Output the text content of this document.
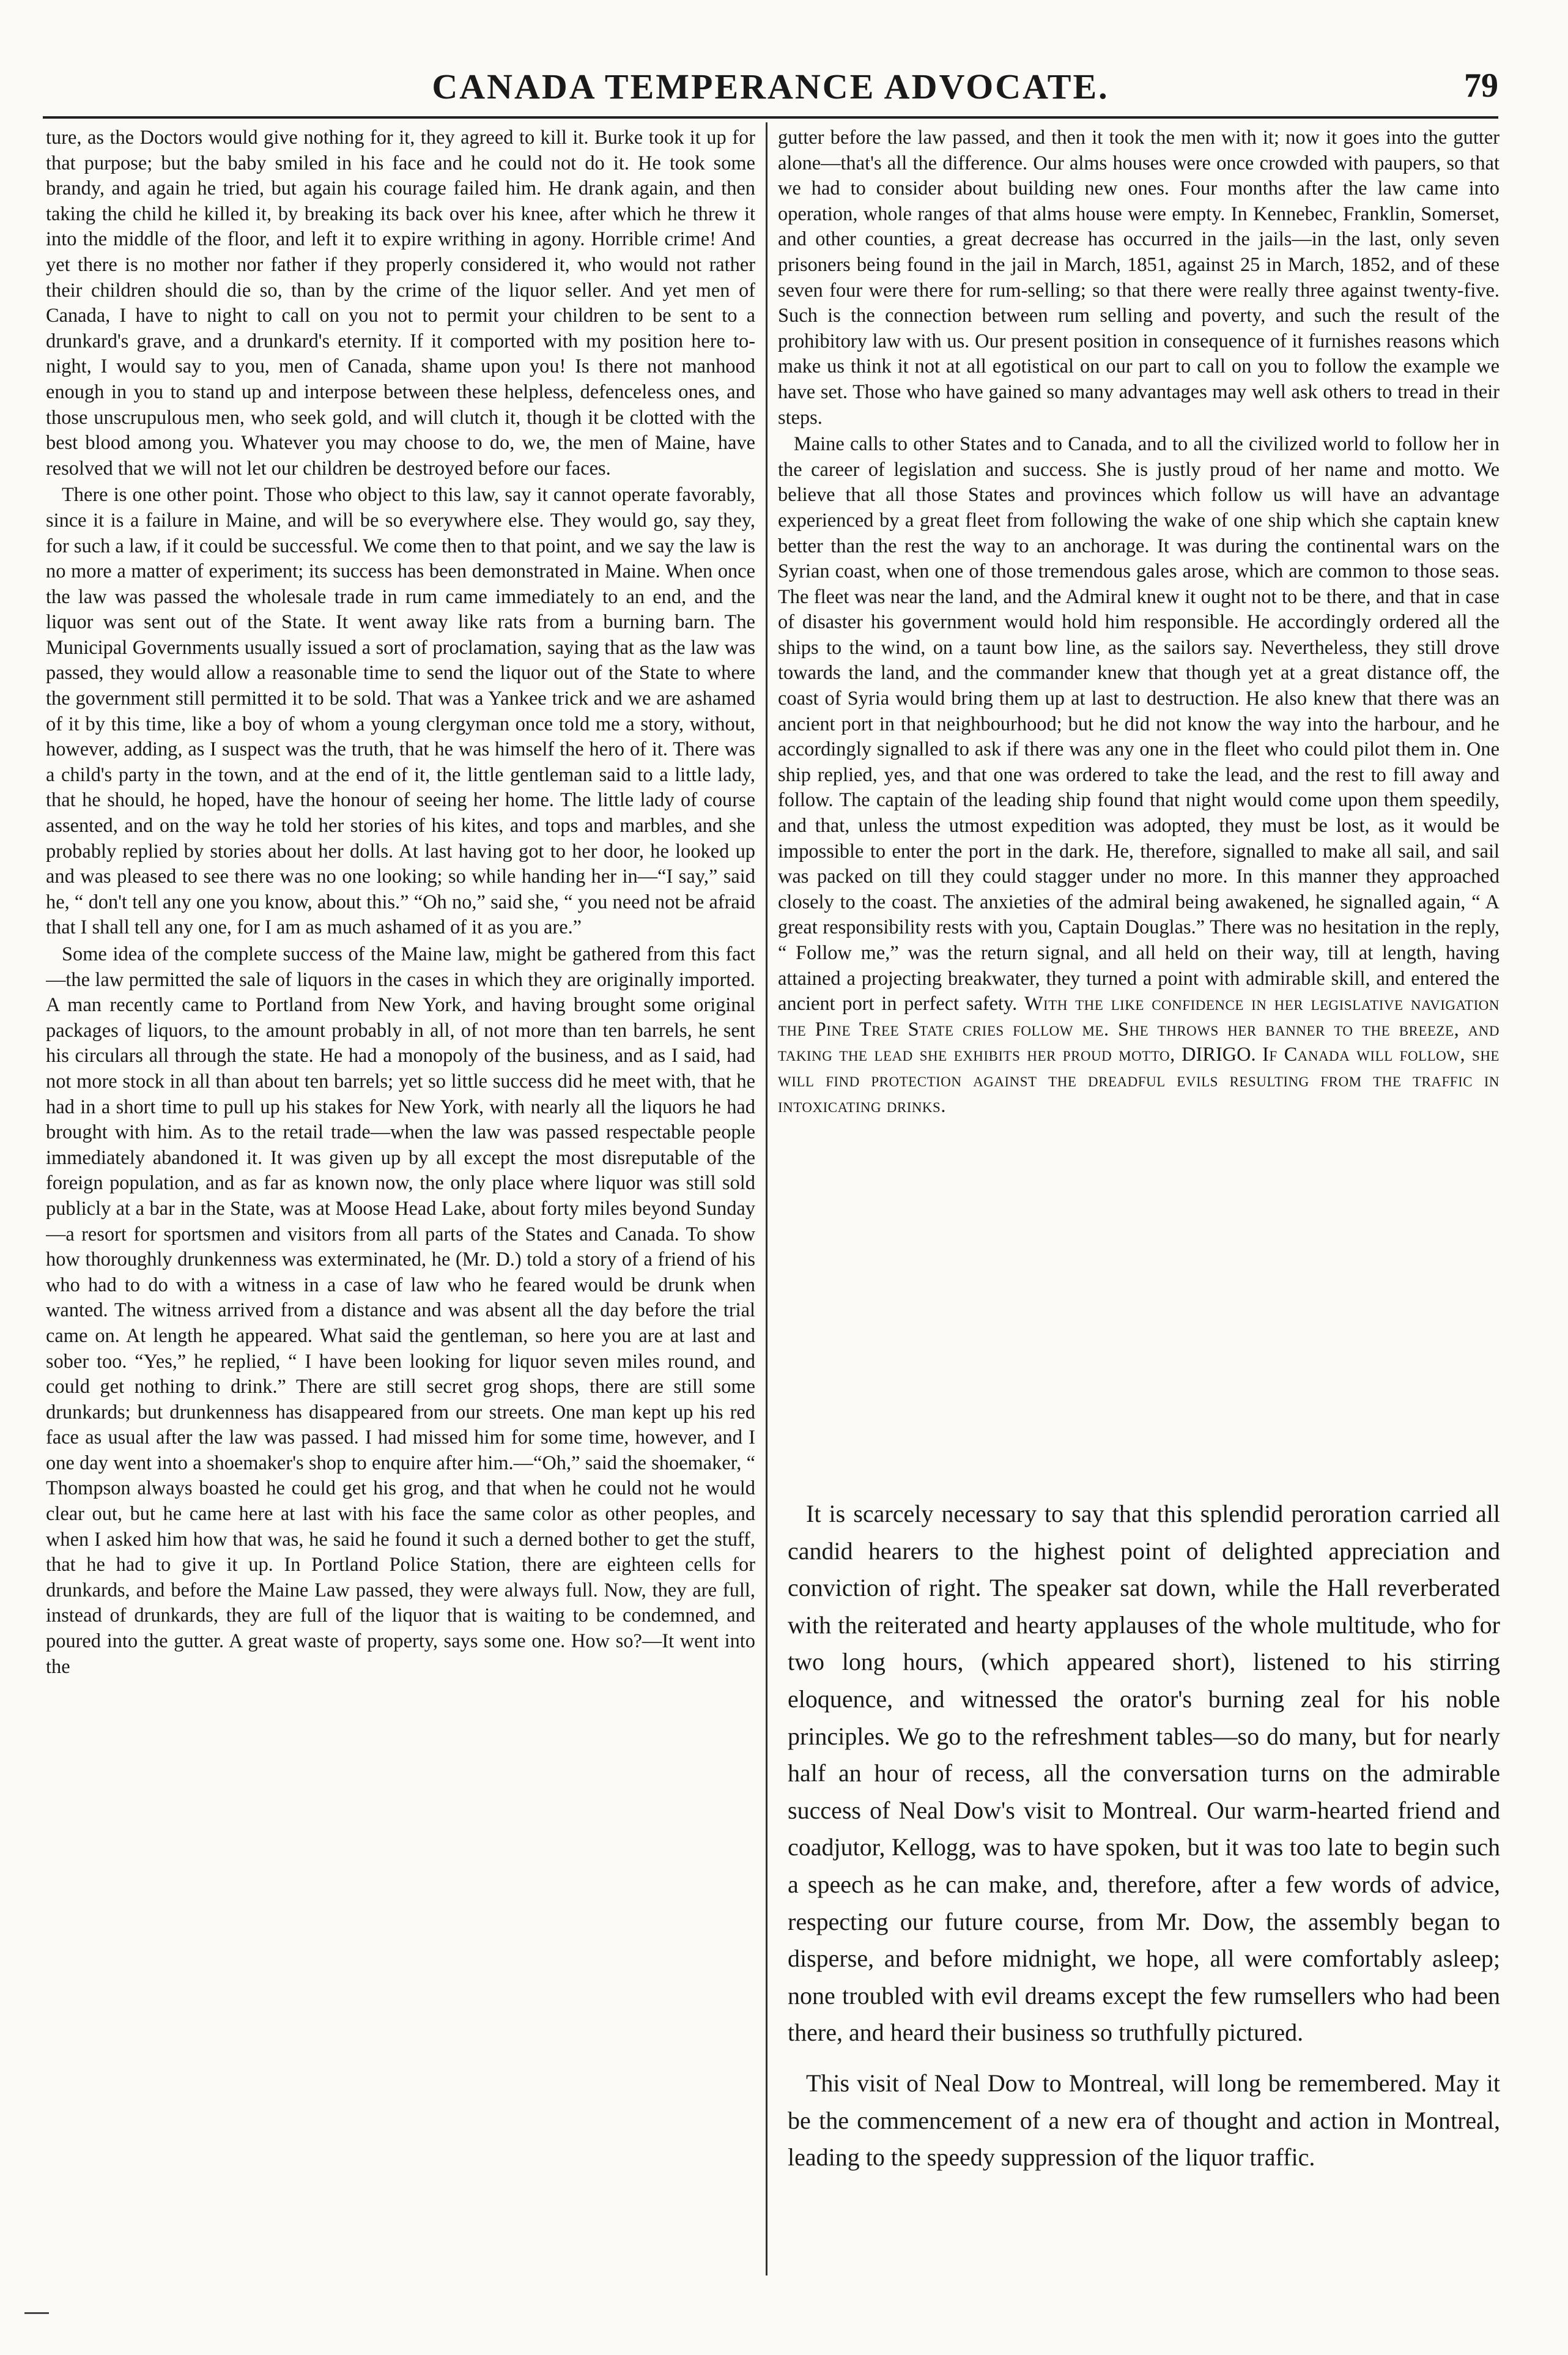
CANADA TEMPERANCE ADVOCATE.	79

ture, as the Doctors would give nothing for it, they agreed to kill it. Burke took it up for that purpose; but the baby smiled in his face and he could not do it. He took some brandy, and again he tried, but again his courage failed him. He drank again, and then taking the child he killed it, by breaking its back over his knee, after which he threw it into the middle of the floor, and left it to expire writhing in agony. Horrible crime! And yet there is no mother nor father if they properly considered it, who would not rather their children should die so, than by the crime of the liquor seller. And yet men of Canada, I have to night to call on you not to permit your children to be sent to a drunkard's grave, and a drunkard's eternity. If it comported with my position here to-night, I would say to you, men of Canada, shame upon you! Is there not manhood enough in you to stand up and interpose between these helpless, defenceless ones, and those unscrupulous men, who seek gold, and will clutch it, though it be clotted with the best blood among you. Whatever you may choose to do, we, the men of Maine, have resolved that we will not let our children be destroyed before our faces.

There is one other point. Those who object to this law, say it cannot operate favorably, since it is a failure in Maine, and will be so everywhere else. They would go, say they, for such a law, if it could be successful. We come then to that point, and we say the law is no more a matter of experiment; its success has been demonstrated in Maine. When once the law was passed the wholesale trade in rum came immediately to an end, and the liquor was sent out of the State. It went away like rats from a burning barn. The Municipal Governments usually issued a sort of proclamation, saying that as the law was passed, they would allow a reasonable time to send the liquor out of the State to where the government still permitted it to be sold. That was a Yankee trick and we are ashamed of it by this time, like a boy of whom a young clergyman once told me a story, without, however, adding, as I suspect was the truth, that he was himself the hero of it. There was a child's party in the town, and at the end of it, the little gentleman said to a little lady, that he should, he hoped, have the honour of seeing her home. The little lady of course assented, and on the way he told her stories of his kites, and tops and marbles, and she probably replied by stories about her dolls. At last having got to her door, he looked up and was pleased to see there was no one looking; so while handing her in—“I say,” said he, “ don't tell any one you know, about this.” “Oh no,” said she, “ you need not be afraid that I shall tell any one, for I am as much ashamed of it as you are.”

Some idea of the complete success of the Maine law, might be gathered from this fact—the law permitted the sale of liquors in the cases in which they are originally imported. A man recently came to Portland from New York, and having brought some original packages of liquors, to the amount probably in all, of not more than ten barrels, he sent his circulars all through the state. He had a monopoly of the business, and as I said, had not more stock in all than about ten barrels; yet so little success did he meet with, that he had in a short time to pull up his stakes for New York, with nearly all the liquors he had brought with him. As to the retail trade—when the law was passed respectable people immediately abandoned it. It was given up by all except the most disreputable of the foreign population, and as far as known now, the only place where liquor was still sold publicly at a bar in the State, was at Moose Head Lake, about forty miles beyond Sunday—a resort for sportsmen and visitors from all parts of the States and Canada. To show how thoroughly drunkenness was exterminated, he (Mr. D.) told a story of a friend of his who had to do with a witness in a case of law who he feared would be drunk when wanted. The witness arrived from a distance and was absent all the day before the trial came on. At length he appeared. What said the gentleman, so here you are at last and sober too. “Yes,” he replied, “ I have been looking for liquor seven miles round, and could get nothing to drink.” There are still secret grog shops, there are still some drunkards; but drunkenness has disappeared from our streets. One man kept up his red face as usual after the law was passed. I had missed him for some time, however, and I one day went into a shoemaker's shop to enquire after him.—“Oh,” said the shoemaker, “ Thompson always boasted he could get his grog, and that when he could not he would clear out, but he came here at last with his face the same color as other peoples, and when I asked him how that was, he said he found it such a derned bother to get the stuff, that he had to give it up. In Portland Police Station, there are eighteen cells for drunkards, and before the Maine Law passed, they were always full. Now, they are full, instead of drunkards, they are full of the liquor that is waiting to be condemned, and poured into the gutter. A great waste of property, says some one. How so?—It went into the

gutter before the law passed, and then it took the men with it; now it goes into the gutter alone—that's all the difference. Our alms houses were once crowded with paupers, so that we had to consider about building new ones. Four months after the law came into operation, whole ranges of that alms house were empty. In Kennebec, Franklin, Somerset, and other counties, a great decrease has occurred in the jails—in the last, only seven prisoners being found in the jail in March, 1851, against 25 in March, 1852, and of these seven four were there for rum-selling; so that there were really three against twenty-five. Such is the connection between rum selling and poverty, and such the result of the prohibitory law with us. Our present position in consequence of it furnishes reasons which make us think it not at all egotistical on our part to call on you to follow the example we have set. Those who have gained so many advantages may well ask others to tread in their steps.

Maine calls to other States and to Canada, and to all the civilized world to follow her in the career of legislation and success. She is justly proud of her name and motto. We believe that all those States and provinces which follow us will have an advantage experienced by a great fleet from following the wake of one ship which she captain knew better than the rest the way to an anchorage. It was during the continental wars on the Syrian coast, when one of those tremendous gales arose, which are common to those seas. The fleet was near the land, and the Admiral knew it ought not to be there, and that in case of disaster his government would hold him responsible. He accordingly ordered all the ships to the wind, on a taunt bow line, as the sailors say. Nevertheless, they still drove towards the land, and the commander knew that though yet at a great distance off, the coast of Syria would bring them up at last to destruction. He also knew that there was an ancient port in that neighbourhood; but he did not know the way into the harbour, and he accordingly signalled to ask if there was any one in the fleet who could pilot them in. One ship replied, yes, and that one was ordered to take the lead, and the rest to fill away and follow. The captain of the leading ship found that night would come upon them speedily, and that, unless the utmost expedition was adopted, they must be lost, as it would be impossible to enter the port in the dark. He, therefore, signalled to make all sail, and sail was packed on till they could stagger under no more. In this manner they approached closely to the coast. The anxieties of the admiral being awakened, he signalled again, “ A great responsibility rests with you, Captain Douglas.” There was no hesitation in the reply, “ Follow me,” was the return signal, and all held on their way, till at length, having attained a projecting breakwater, they turned a point with admirable skill, and entered the ancient port in perfect safety. With the like confidence in her legislative navigation the Pine Tree State cries follow me. She throws her banner to the breeze, and taking the lead she exhibits her proud motto, DIRIGO. If Canada will follow, she will find protection against the dreadful evils resulting from the traffic in intoxicating drinks.

It is scarcely necessary to say that this splendid peroration carried all candid hearers to the highest point of delighted appreciation and conviction of right. The speaker sat down, while the Hall reverberated with the reiterated and hearty applauses of the whole multitude, who for two long hours, (which appeared short), listened to his stirring eloquence, and witnessed the orator's burning zeal for his noble principles. We go to the refreshment tables—so do many, but for nearly half an hour of recess, all the conversation turns on the admirable success of Neal Dow's visit to Montreal. Our warm-hearted friend and coadjutor, Kellogg, was to have spoken, but it was too late to begin such a speech as he can make, and, therefore, after a few words of advice, respecting our future course, from Mr. Dow, the assembly began to disperse, and before midnight, we hope, all were comfortably asleep; none troubled with evil dreams except the few rumsellers who had been there, and heard their business so truthfully pictured.

This visit of Neal Dow to Montreal, will long be remembered. May it be the commencement of a new era of thought and action in Montreal, leading to the speedy suppression of the liquor traffic.
